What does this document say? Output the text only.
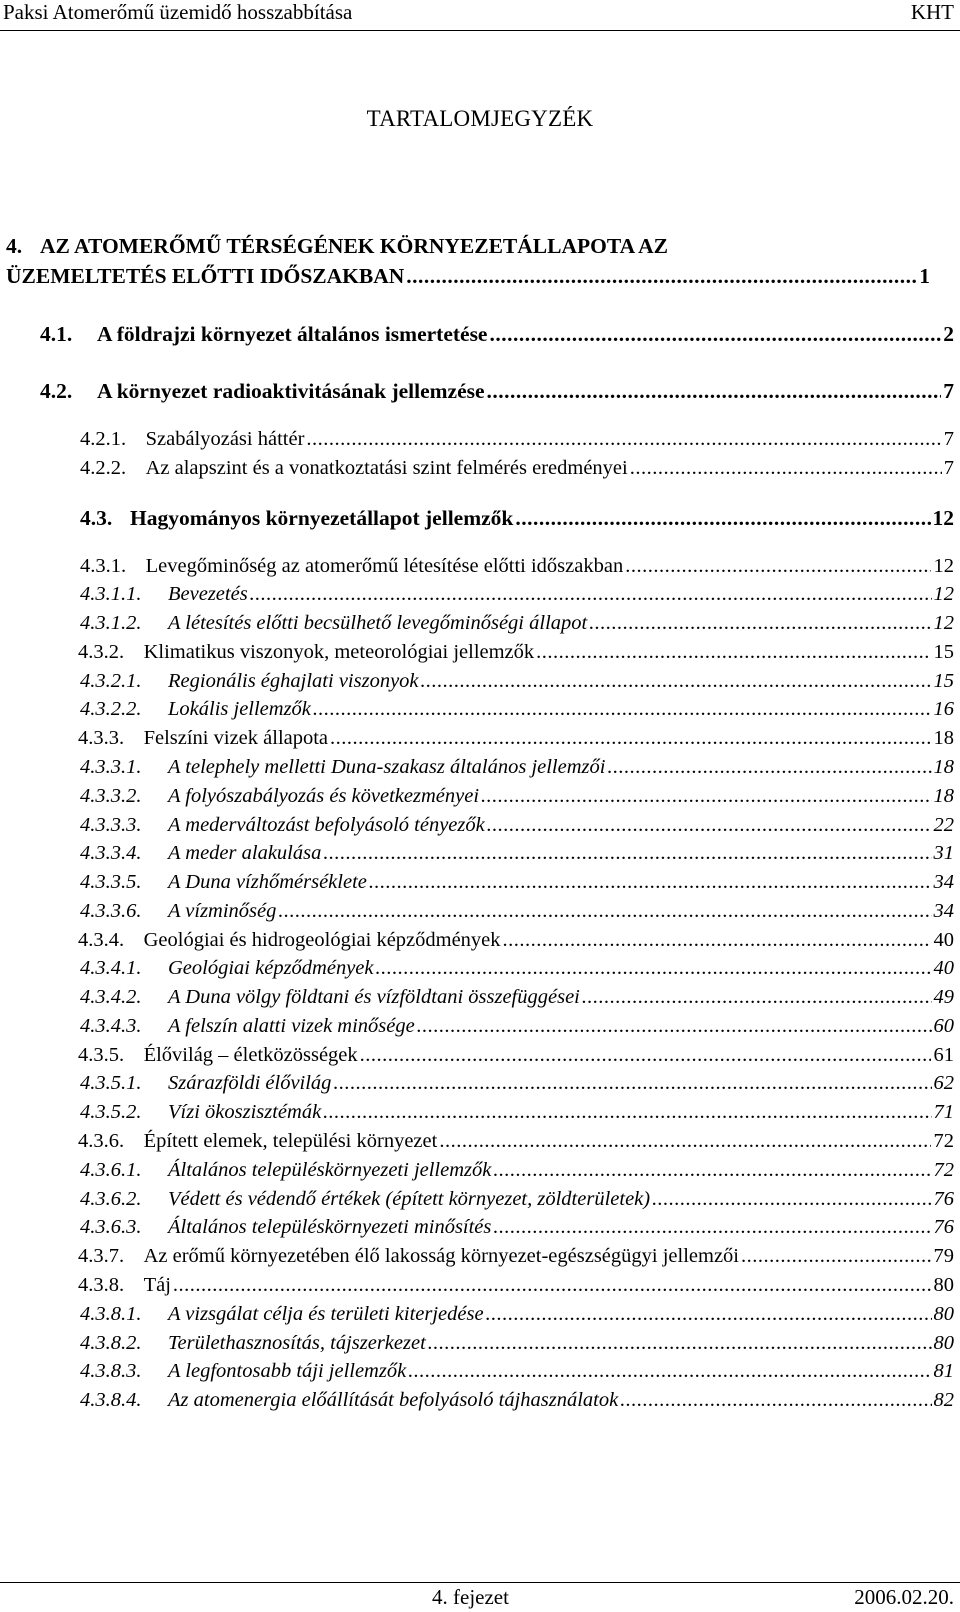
Paksi Atomerőmű üzemidő hosszabbítása	KHT
TARTALOMJEGYZÉK
4. AZ ATOMERŐMŰ TÉRSÉGÉNEK KÖRNYEZETÁLLAPOTA AZ
ÜZEMELTETÉS ELŐTTI IDŐSZAKBAN .....	1
4.1. A földrajzi környezet általános ismertetése .....	2
4.2. A környezet radioaktivitásának jellemzése .....	7
4.2.1. Szabályozási háttér .....	7
4.2.2. Az alapszint és a vonatkoztatási szint felmérés eredményei .....	7
4.3. Hagyományos környezetállapot jellemzők .....	12
4.3.1. Levegőminőség az atomerőmű létesítése előtti időszakban .....	12
4.3.1.1. Bevezetés .....	12
4.3.1.2. A létesítés előtti becsülhető levegőminőségi állapot .....	12
4.3.2. Klimatikus viszonyok, meteorológiai jellemzők .....	15
4.3.2.1. Regionális éghajlati viszonyok .....	15
4.3.2.2. Lokális jellemzők .....	16
4.3.3. Felszíni vizek állapota .....	18
4.3.3.1. A telephely melletti Duna-szakasz általános jellemzői .....	18
4.3.3.2. A folyószabályozás és következményei .....	18
4.3.3.3. A mederváltozást befolyásoló tényezők .....	22
4.3.3.4. A meder alakulása .....	31
4.3.3.5. A Duna vízhőmérséklete .....	34
4.3.3.6. A vízminőség .....	34
4.3.4. Geológiai és hidrogeológiai képződmények .....	40
4.3.4.1. Geológiai képződmények .....	40
4.3.4.2. A Duna völgy földtani és vízföldtani összefüggései .....	49
4.3.4.3. A felszín alatti vizek minősége .....	60
4.3.5. Élővilág – életközösségek .....	61
4.3.5.1. Szárazföldi élővilág .....	62
4.3.5.2. Vízi ökoszisztémák .....	71
4.3.6. Épített elemek, települési környezet .....	72
4.3.6.1. Általános településkörnyezeti jellemzők .....	72
4.3.6.2. Védett és védendő értékek (épített környezet, zöldterületek) .....	76
4.3.6.3. Általános településkörnyezeti minősítés .....	76
4.3.7. Az erőmű környezetében élő lakosság környezet-egészségügyi jellemzői .....	79
4.3.8. Táj .....	80
4.3.8.1. A vizsgálat célja és területi kiterjedése .....	80
4.3.8.2. Területhasznosítás, tájszerkezet .....	80
4.3.8.3. A legfontosabb táji jellemzők .....	81
4.3.8.4. Az atomenergia előállítását befolyásoló tájhasználatok .....	82
4. fejezet	2006.02.20.
